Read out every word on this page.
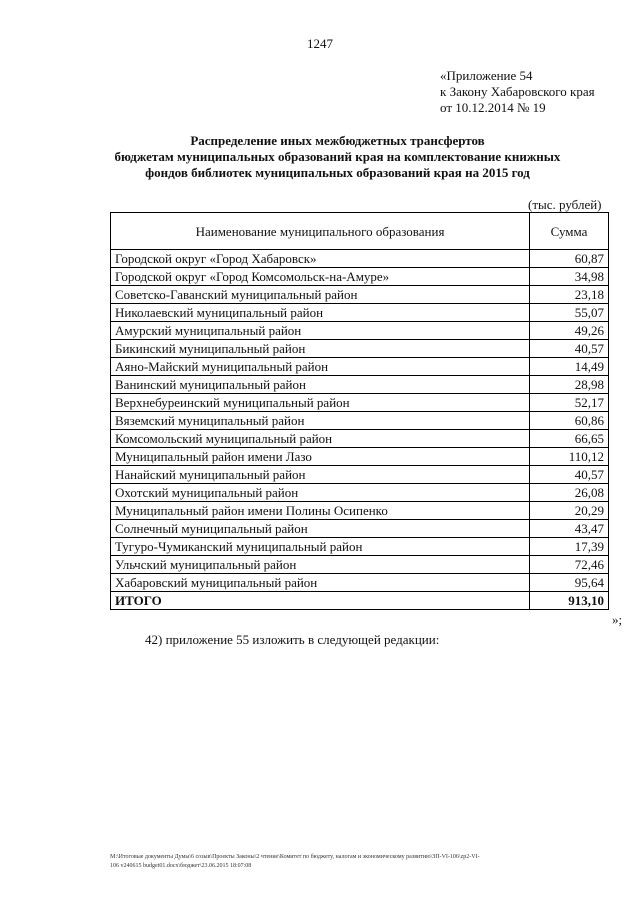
1247
«Приложение 54
к Закону Хабаровского края
от 10.12.2014 № 19
Распределение иных межбюджетных трансфертов
бюджетам муниципальных образований края на комплектование книжных
фондов библиотек муниципальных образований края на 2015 год
(тыс. рублей)
Наименование муниципального образования	Сумма
Городской округ «Город Хабаровск»	60,87
Городской округ «Город Комсомольск-на-Амуре»	34,98
Советско-Гаванский муниципальный район	23,18
Николаевский муниципальный район	55,07
Амурский муниципальный район	49,26
Бикинский муниципальный район	40,57
Аяно-Майский муниципальный район	14,49
Ванинский муниципальный район	28,98
Верхнебуреинский муниципальный район	52,17
Вяземский муниципальный район	60,86
Комсомольский муниципальный район	66,65
Муниципальный район имени Лазо	110,12
Нанайский муниципальный район	40,57
Охотский муниципальный район	26,08
Муниципальный район имени Полины Осипенко	20,29
Солнечный муниципальный район	43,47
Тугуро-Чумиканский муниципальный район	17,39
Ульчский муниципальный район	72,46
Хабаровский муниципальный район	95,64
ИТОГО	913,10
»;
42) приложение 55 изложить в следующей редакции:
M:\Итоговые документы Думы\6 созыв\Проекты Законы\2 чтение\Комитет по бюджету, налогам и экономическому развитию\ЗП-VI-106\zp2-VI-
106 v240615 budget01.docx\бюджет\23.06.2015 18:07:08
